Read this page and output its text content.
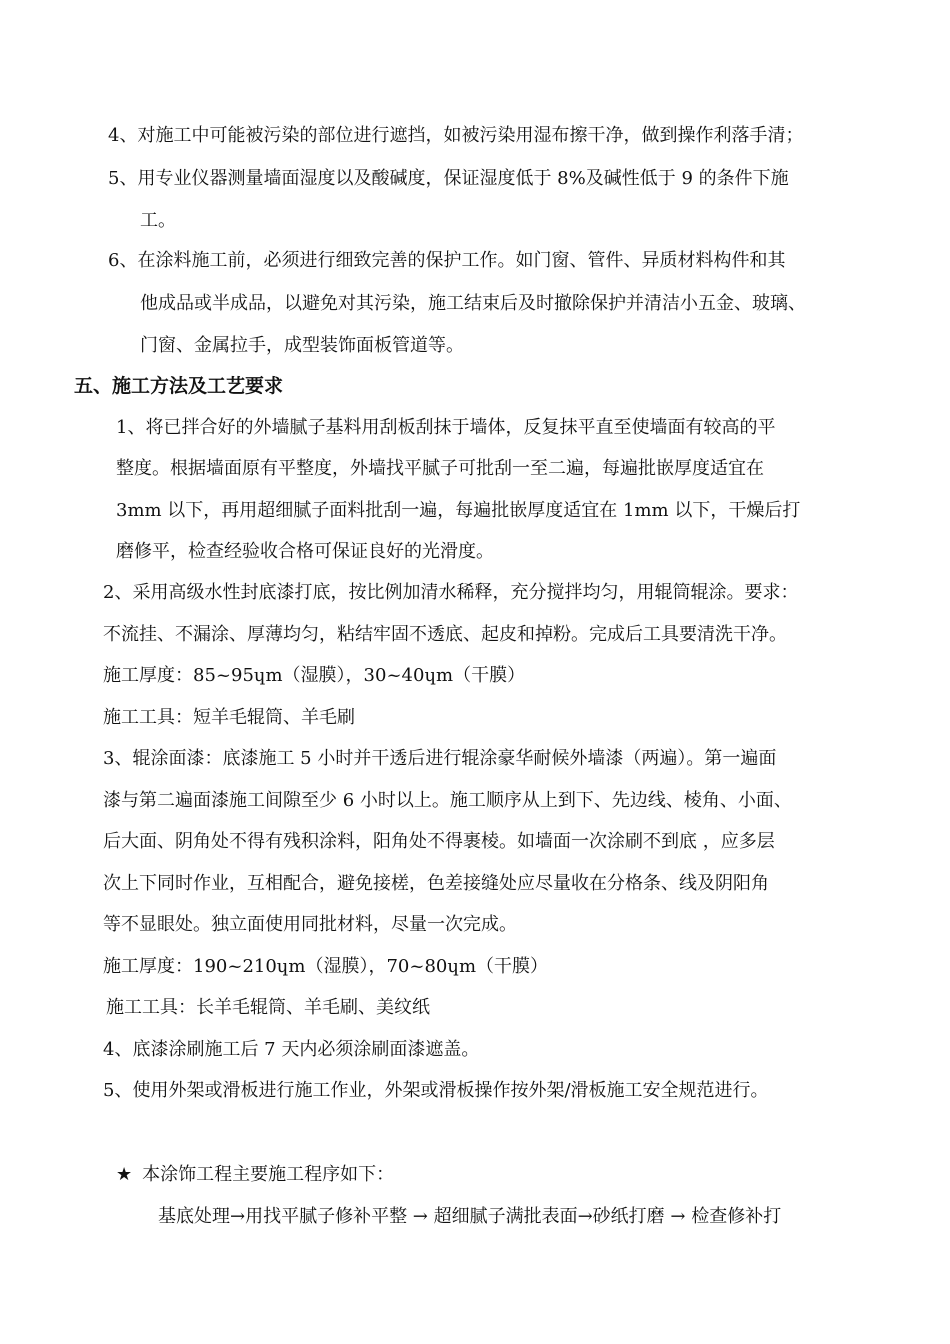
4、对施工中可能被污染的部位进行遮挡，如被污染用湿布擦干净，做到操作利落手清；
5、用专业仪器测量墙面湿度以及酸碱度，保证湿度低于 8%及碱性低于 9 的条件下施
工。
6、在涂料施工前，必须进行细致完善的保护工作。如门窗、管件、异质材料构件和其
他成品或半成品，以避免对其污染，施工结束后及时撤除保护并清洁小五金、玻璃、
门窗、金属拉手，成型装饰面板管道等。
五、施工方法及工艺要求
1、将已拌合好的外墙腻子基料用刮板刮抹于墙体，反复抹平直至使墙面有较高的平
整度。根据墙面原有平整度，外墙找平腻子可批刮一至二遍，每遍批嵌厚度适宜在
3mm 以下，再用超细腻子面料批刮一遍，每遍批嵌厚度适宜在 1mm 以下，干燥后打
磨修平，检查经验收合格可保证良好的光滑度。
2、采用高级水性封底漆打底，按比例加清水稀释，充分搅拌均匀，用辊筒辊涂。要求：
不流挂、不漏涂、厚薄均匀，粘结牢固不透底、起皮和掉粉。完成后工具要清洗干净。
施工厚度：85~95ɥm（湿膜），30~40ɥm（干膜）
施工工具：短羊毛辊筒、羊毛刷
3、辊涂面漆：底漆施工 5 小时并干透后进行辊涂豪华耐候外墙漆（两遍）。第一遍面
漆与第二遍面漆施工间隙至少 6 小时以上。施工顺序从上到下、先边线、棱角、小面、
后大面、阴角处不得有残积涂料，阳角处不得裹棱。如墙面一次涂刷不到底 ，应多层
次上下同时作业，互相配合，避免接槎，色差接缝处应尽量收在分格条、线及阴阳角
等不显眼处。独立面使用同批材料，尽量一次完成。
施工厚度：190~210ɥm（湿膜），70~80ɥm（干膜）
施工工具：长羊毛辊筒、羊毛刷、美纹纸
4、底漆涂刷施工后 7 天内必须涂刷面漆遮盖。
5、使用外架或滑板进行施工作业，外架或滑板操作按外架/滑板施工安全规范进行。
★ 本涂饰工程主要施工程序如下：
基底处理→用找平腻子修补平整 → 超细腻子满批表面→砂纸打磨 → 检查修补打
